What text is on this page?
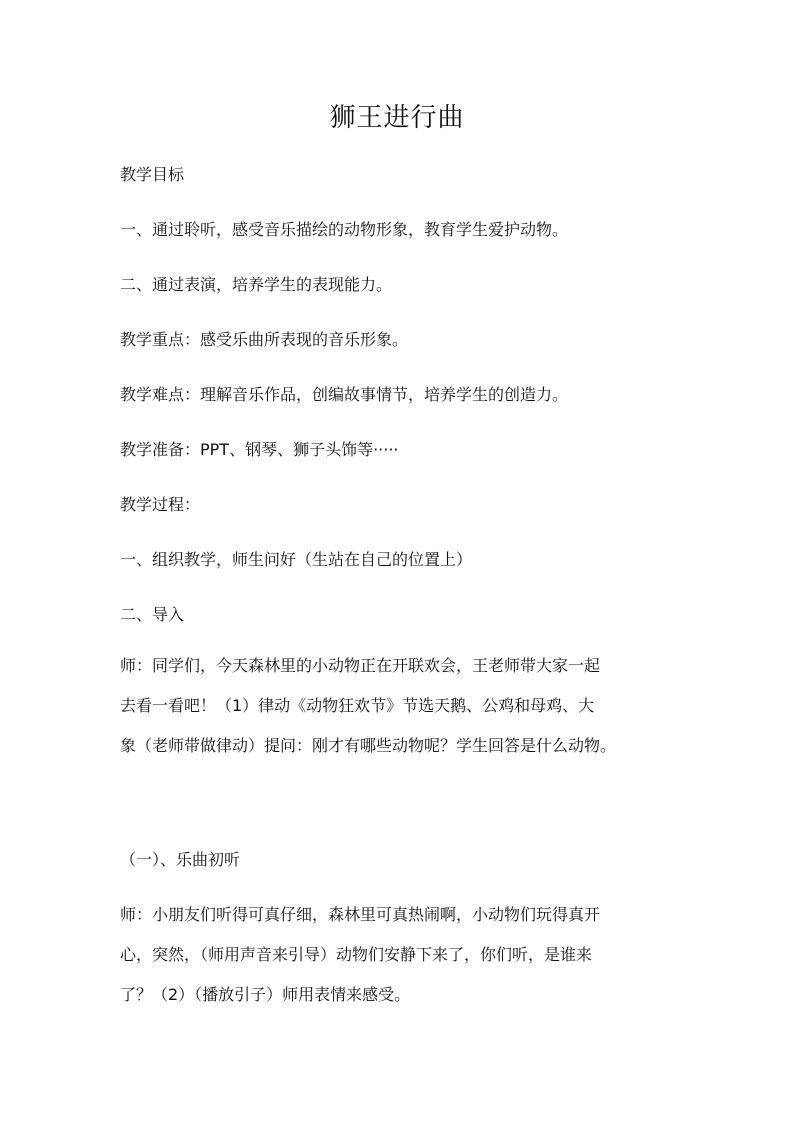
狮王进行曲
教学目标
一、通过聆听，感受音乐描绘的动物形象，教育学生爱护动物。
二、通过表演，培养学生的表现能力。
教学重点：感受乐曲所表现的音乐形象。
教学难点：理解音乐作品，创编故事情节，培养学生的创造力。
教学准备：PPT、钢琴、狮子头饰等·····
教学过程：
一、组织教学，师生问好（生站在自己的位置上）
二、导入
师：同学们，今天森林里的小动物正在开联欢会，王老师带大家一起
去看一看吧！（1）律动《动物狂欢节》节选天鹅、公鸡和母鸡、大
象（老师带做律动）提问：刚才有哪些动物呢？学生回答是什么动物。
（一）、乐曲初听
师：小朋友们听得可真仔细，森林里可真热闹啊，小动物们玩得真开
心，突然，（师用声音来引导）动物们安静下来了，你们听，是谁来
了？（2）（播放引子）师用表情来感受。
